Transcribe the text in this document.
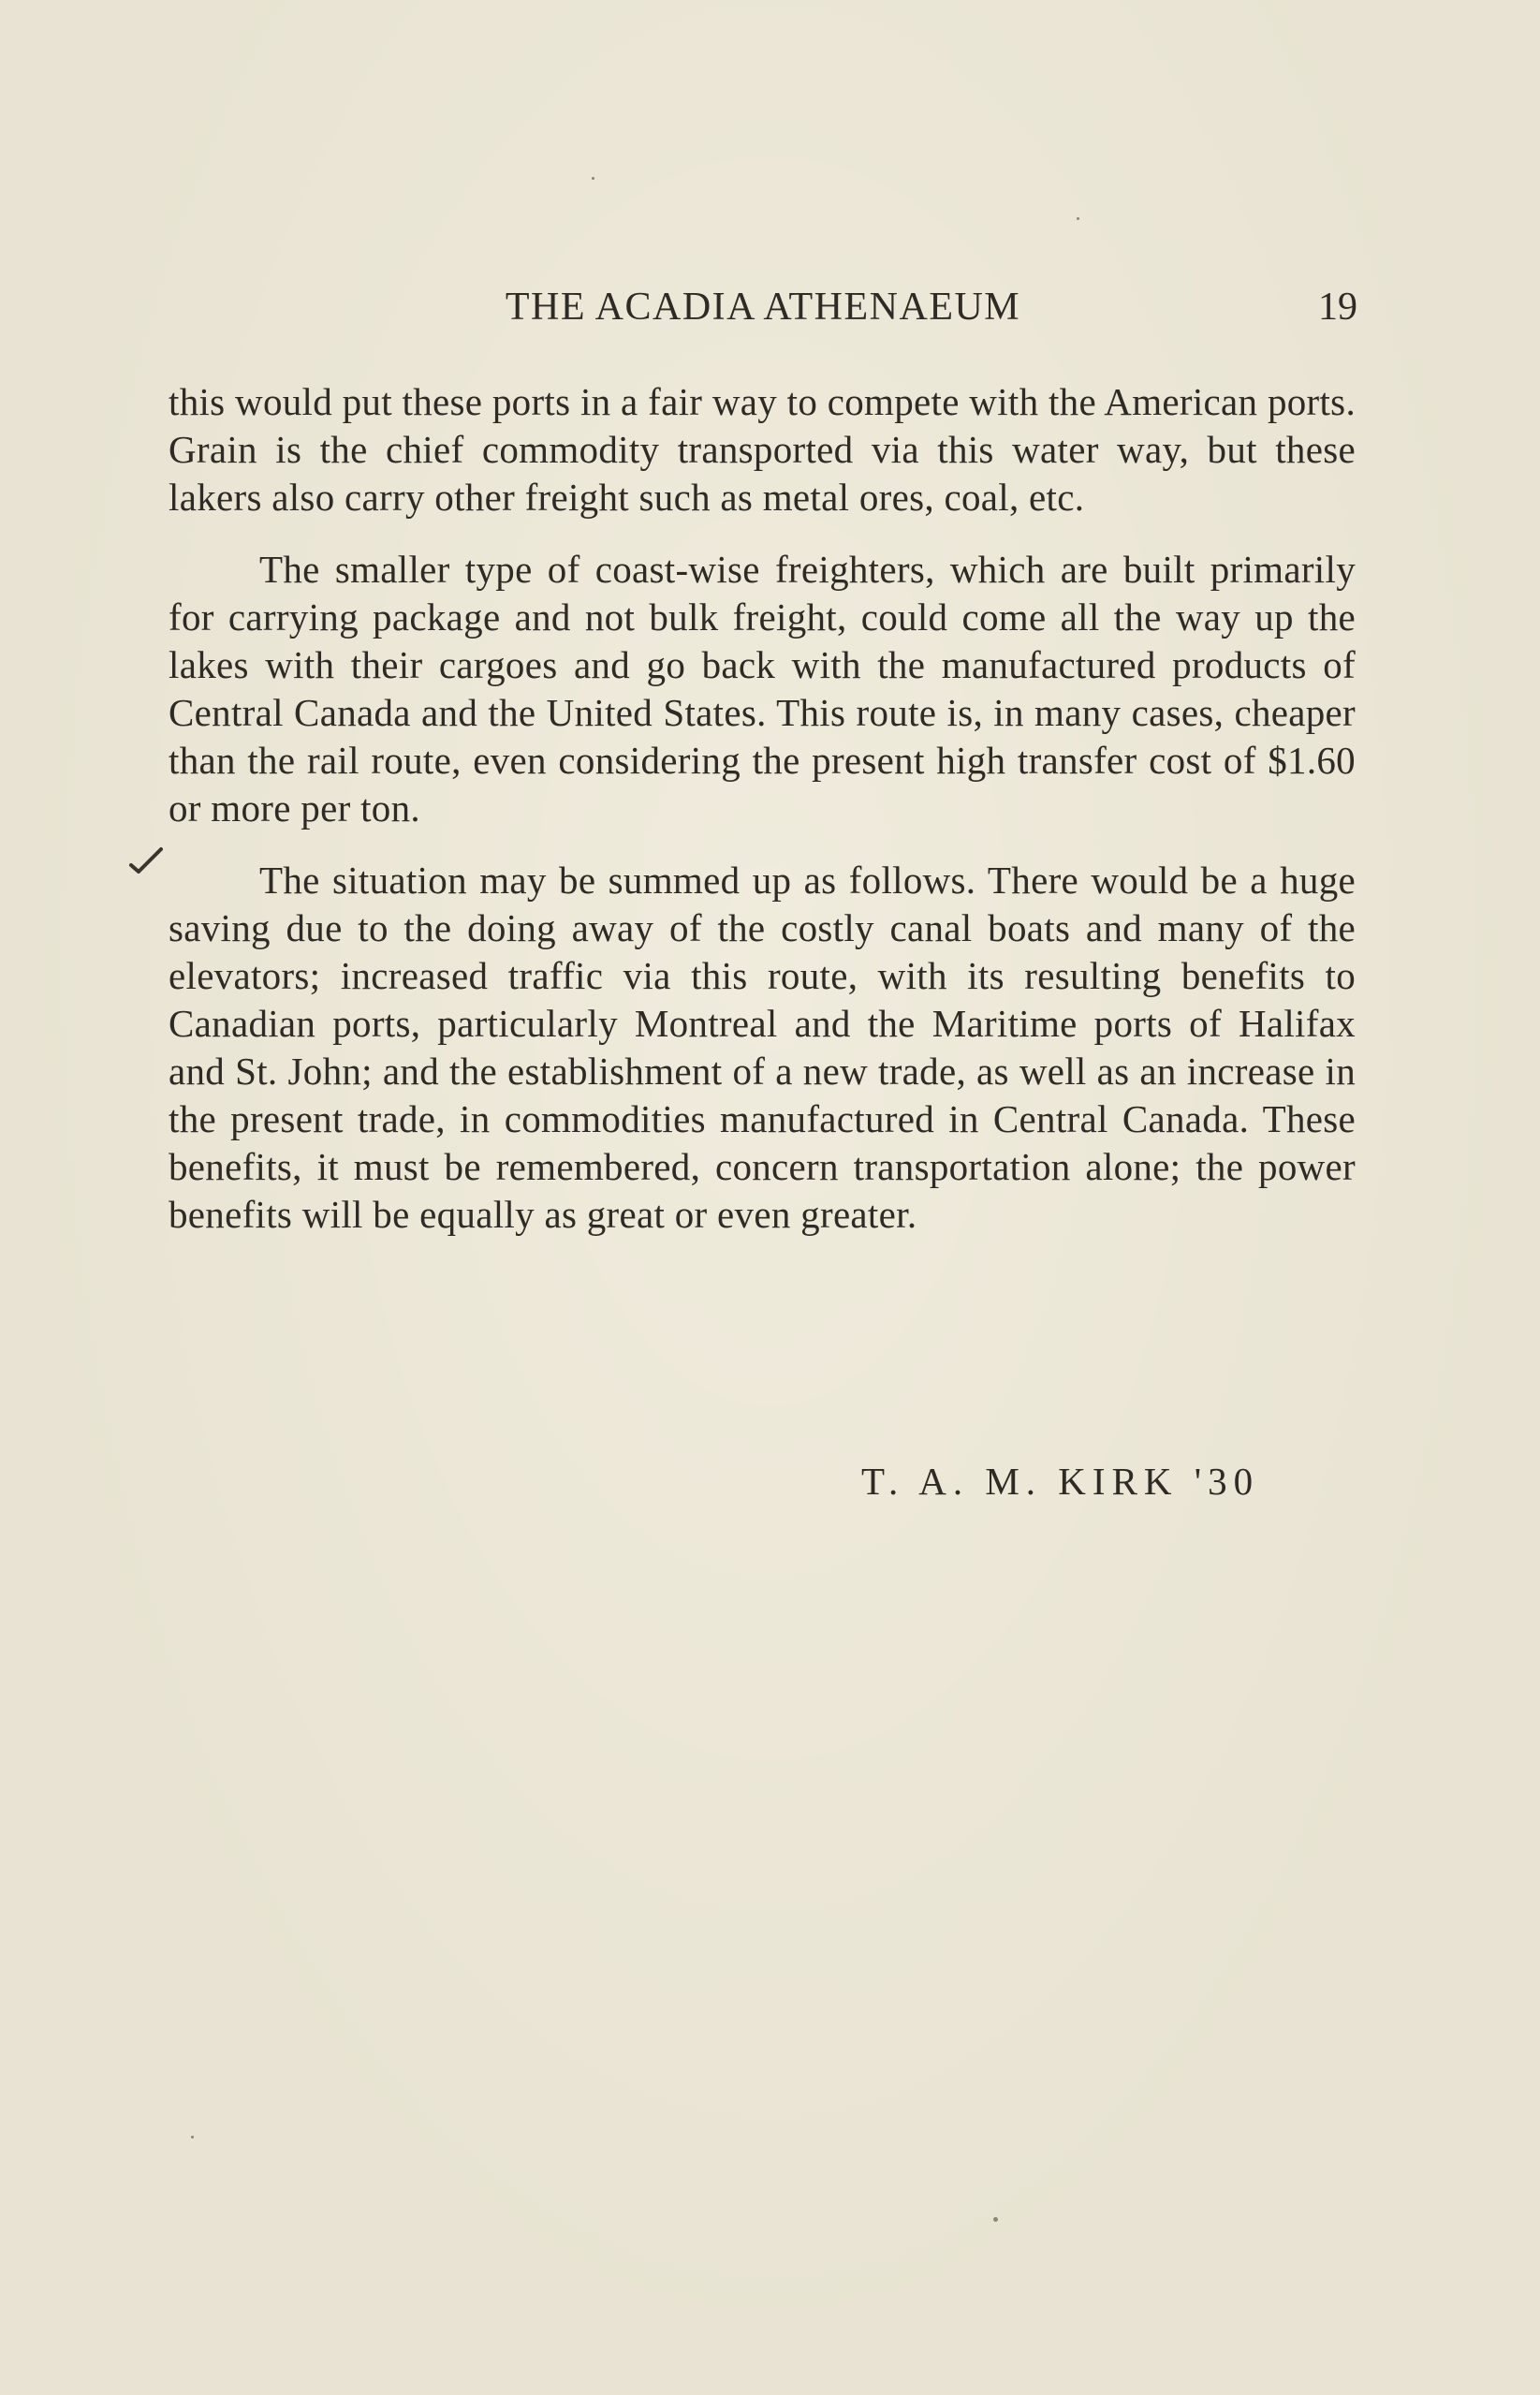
THE ACADIA ATHENAEUM	19

this would put these ports in a fair way to compete with the American ports. Grain is the chief commodity transported via this water way, but these lakers also carry other freight such as metal ores, coal, etc.

The smaller type of coast-wise freighters, which are built primarily for carrying package and not bulk freight, could come all the way up the lakes with their cargoes and go back with the manufactured products of Central Canada and the United States. This route is, in many cases, cheaper than the rail route, even considering the present high transfer cost of $1.60 or more per ton.

The situation may be summed up as follows. There would be a huge saving due to the doing away of the costly canal boats and many of the elevators; increased traffic via this route, with its resulting benefits to Canadian ports, particularly Montreal and the Maritime ports of Halifax and St. John; and the establishment of a new trade, as well as an increase in the present trade, in commodities manufactured in Central Canada. These benefits, it must be remembered, concern transportation alone; the power benefits will be equally as great or even greater.

T. A. M. KIRK '30
